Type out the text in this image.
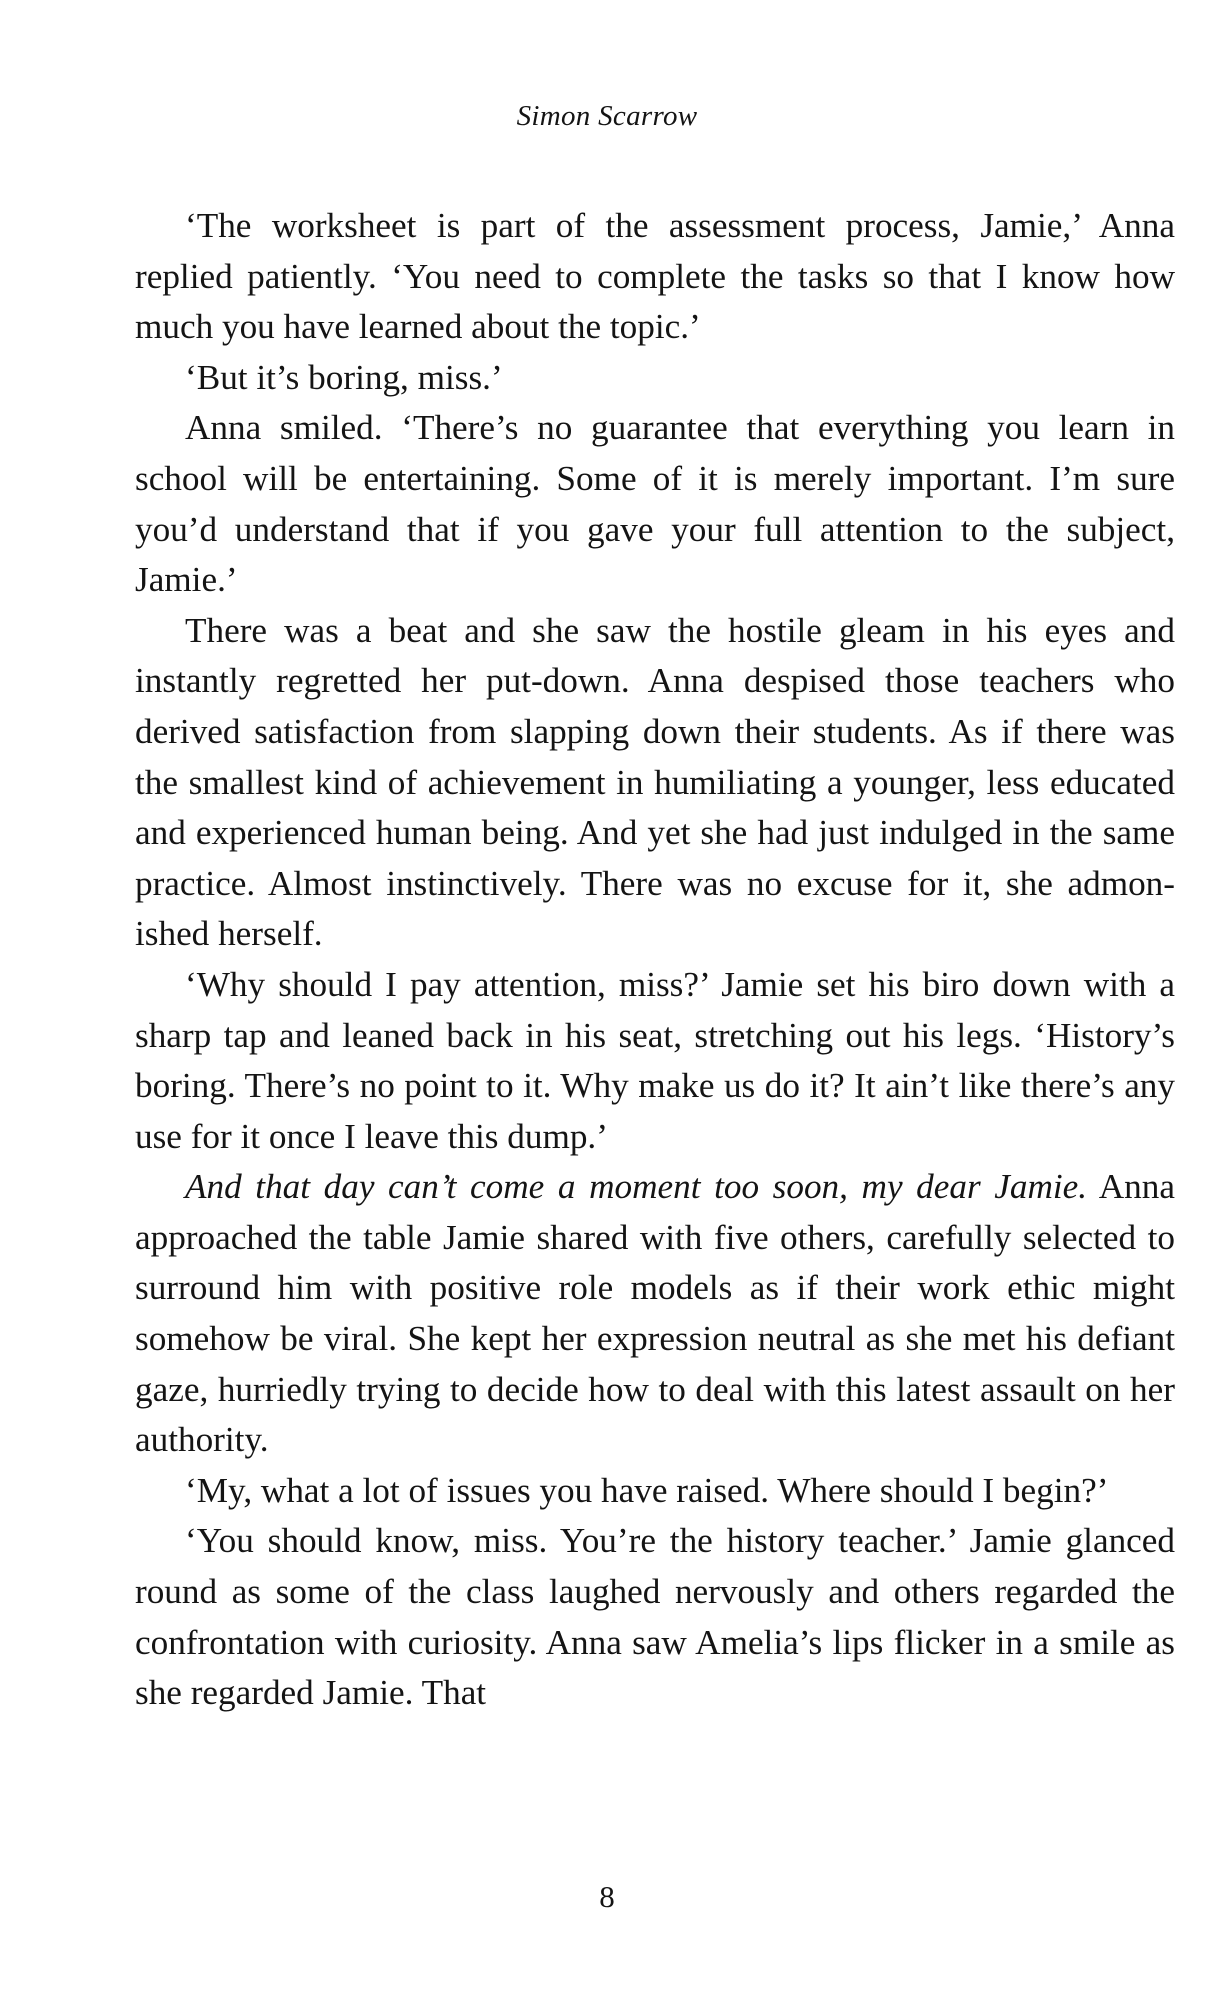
Simon Scarrow

‘The worksheet is part of the assessment process, Jamie,’ Anna replied patiently. ‘You need to complete the tasks so that I know how much you have learned about the topic.’

‘But it’s boring, miss.’

Anna smiled. ‘There’s no guarantee that everything you learn in school will be entertaining. Some of it is merely important. I’m sure you’d understand that if you gave your full attention to the subject, Jamie.’

There was a beat and she saw the hostile gleam in his eyes and instantly regretted her put-down. Anna despised those teachers who derived satisfaction from slapping down their students. As if there was the smallest kind of achievement in humiliating a younger, less educated and experienced human being. And yet she had just indulged in the same practice. Almost instinctively. There was no excuse for it, she admonished herself.

‘Why should I pay attention, miss?’ Jamie set his biro down with a sharp tap and leaned back in his seat, stretching out his legs. ‘History’s boring. There’s no point to it. Why make us do it? It ain’t like there’s any use for it once I leave this dump.’

And that day can’t come a moment too soon, my dear Jamie. Anna approached the table Jamie shared with five others, carefully selected to surround him with positive role models as if their work ethic might somehow be viral. She kept her expression neutral as she met his defiant gaze, hurriedly trying to decide how to deal with this latest assault on her authority.

‘My, what a lot of issues you have raised. Where should I begin?’

‘You should know, miss. You’re the history teacher.’ Jamie glanced round as some of the class laughed nervously and others regarded the confrontation with curiosity. Anna saw Amelia’s lips flicker in a smile as she regarded Jamie. That

8
